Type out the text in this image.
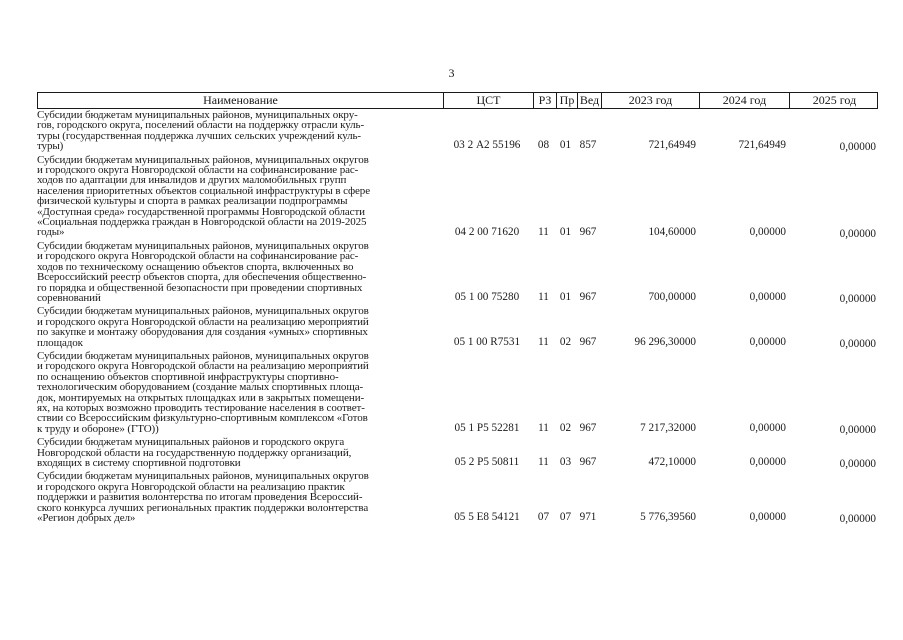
3
Наименование	ЦСТ	РЗ Пр Вед	2023 год	2024 год	2025 год
Субсидии бюджетам муниципальных районов, муниципальных окру-
гов, городского округа, поселений области на поддержку отрасли куль-
туры (государственная поддержка лучших сельских учреждений куль-
туры)	03 2 А2 55196	08 01 857	721,64949	721,64949	0,00000
Субсидии бюджетам муниципальных районов, муниципальных округов
и городского округа Новгородской области на софинансирование рас-
ходов по адаптации для инвалидов и других маломобильных групп
населения приоритетных объектов социальной инфраструктуры в сфере
физической культуры и спорта в рамках реализации подпрограммы
«Доступная среда» государственной программы Новгородской области
«Социальная поддержка граждан в Новгородской области на 2019-2025
годы»	04 2 00 71620	11 01 967	104,60000	0,00000	0,00000
Субсидии бюджетам муниципальных районов, муниципальных округов
и городского округа Новгородской области на софинансирование рас-
ходов по техническому оснащению объектов спорта, включенных во
Всероссийский реестр объектов спорта, для обеспечения общественно-
го порядка и общественной безопасности при проведении спортивных
соревнований	05 1 00 75280	11 01 967	700,00000	0,00000	0,00000
Субсидии бюджетам муниципальных районов, муниципальных округов
и городского округа Новгородской области на реализацию мероприятий
по закупке и монтажу оборудования для создания «умных» спортивных
площадок	05 1 00 R7531	11 02 967	96 296,30000	0,00000	0,00000
Субсидии бюджетам муниципальных районов, муниципальных округов
и городского округа Новгородской области на реализацию мероприятий
по оснащению объектов спортивной инфраструктуры спортивно-
технологическим оборудованием (создание малых спортивных площа-
док, монтируемых на открытых площадках или в закрытых помещени-
ях, на которых возможно проводить тестирование населения в соответ-
ствии со Всероссийским физкультурно-спортивным комплексом «Готов
к труду и обороне» (ГТО))	05 1 Р5 52281	11 02 967	7 217,32000	0,00000	0,00000
Субсидии бюджетам муниципальных районов и городского округа
Новгородской области на государственную поддержку организаций,
входящих в систему спортивной подготовки	05 2 Р5 50811	11 03 967	472,10000	0,00000	0,00000
Субсидии бюджетам муниципальных районов, муниципальных округов
и городского округа Новгородской области на реализацию практик
поддержки и развития волонтерства по итогам проведения Всероссий-
ского конкурса лучших региональных практик поддержки волонтерства
«Регион добрых дел»	05 5 Е8 54121	07 07 971	5 776,39560	0,00000	0,00000
